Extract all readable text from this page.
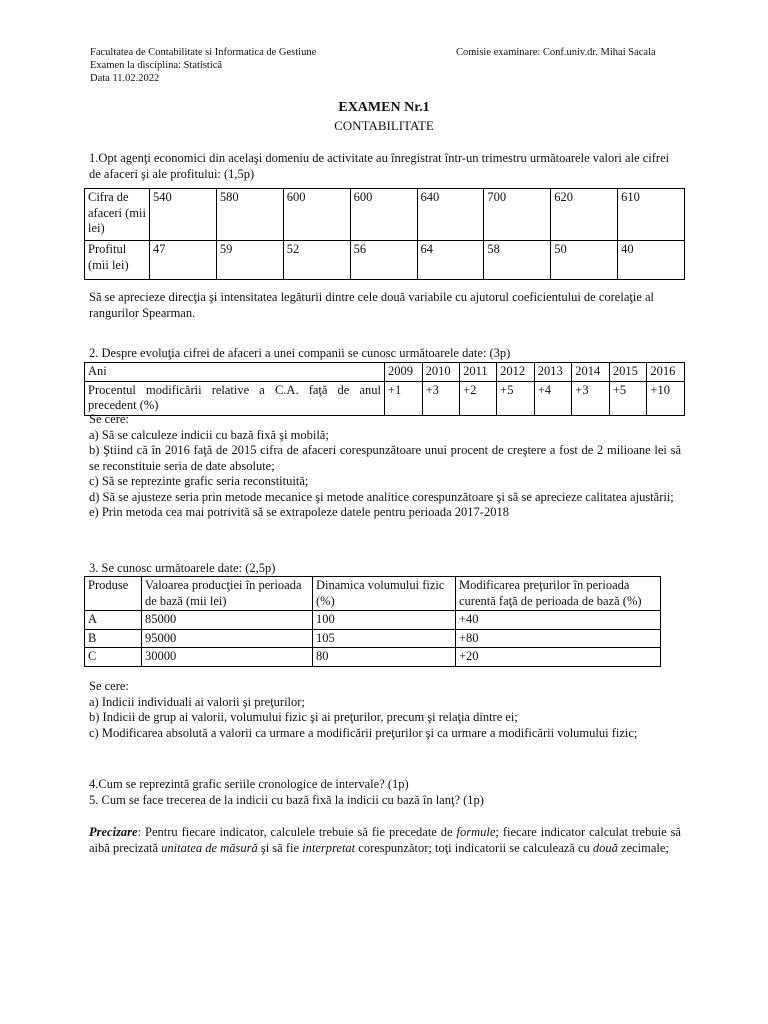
Facultatea de Contabilitate si Informatica de Gestiune
Examen la disciplina: Statistică
Data 11.02.2022
Comisie examinare: Conf.univ.dr. Mihai Sacala
EXAMEN Nr.1
CONTABILITATE
1.Opt agenţi economici din acelaşi domeniu de activitate au înregistrat într-un trimestru următoarele valori ale cifrei de afaceri şi ale profitului: (1,5p)
Cifra de afaceri (mii lei)	540	580	600	600	640	700	620	610
Profitul (mii lei)	47	59	52	56	64	58	50	40
Să se aprecieze direcţia şi intensitatea legăturii dintre cele două variabile cu ajutorul coeficientului de corelaţie al rangurilor Spearman.
2. Despre evoluţia cifrei de afaceri a unei companii se cunosc următoarele date: (3p)
Ani	2009	2010	2011	2012	2013	2014	2015	2016
Procentul modificării relative a C.A. faţă de anul precedent (%)	+1	+3	+2	+5	+4	+3	+5	+10
Se cere:
a) Să se calculeze indicii cu bază fixă şi mobilă;
b) Ştiind că în 2016 faţă de 2015 cifra de afaceri corespunzătoare unui procent de creştere a fost de 2 milioane lei să se reconstituie seria de date absolute;
c) Să se reprezinte grafic seria reconstituită;
d) Să se ajusteze seria prin metode mecanice şi metode analitice corespunzătoare şi să se aprecieze calitatea ajustării;
e) Prin metoda cea mai potrivită să se extrapoleze datele pentru perioada 2017-2018
3. Se cunosc următoarele date: (2,5p)
Produse	Valoarea producţiei în perioada de bază (mii lei)	Dinamica volumului fizic (%)	Modificarea preţurilor în perioada curentă faţă de perioada de bază (%)
A	85000	100	+40
B	95000	105	+80
C	30000	80	+20
Se cere:
a) Indicii individuali ai valorii şi preţurilor;
b) Indicii de grup ai valorii, volumului fizic şi ai preţurilor, precum şi relaţia dintre ei;
c) Modificarea absolută a valorii ca urmare a modificării preţurilor şi ca urmare a modificării volumului fizic;
4.Cum se reprezintă grafic seriile cronologice de intervale? (1p)
5. Cum se face trecerea de la indicii cu bază fixă la indicii cu bază în lanţ? (1p)
Precizare: Pentru fiecare indicator, calculele trebuie să fie precedate de formule; fiecare indicator calculat trebuie să aibă precizată unitatea de măsură şi să fie interpretat corespunzător; toţi indicatorii se calculează cu două zecimale;
